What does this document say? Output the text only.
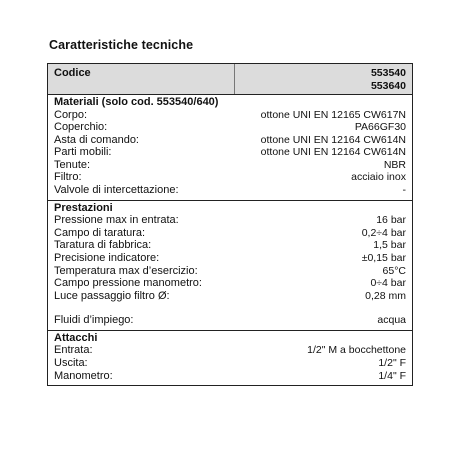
Caratteristiche tecniche
Codice	553540
553640
Materiali (solo cod. 553540/640)
Corpo:	ottone UNI EN 12165 CW617N
Coperchio:	PA66GF30
Asta di comando:	ottone UNI EN 12164 CW614N
Parti mobili:	ottone UNI EN 12164 CW614N
Tenute:	NBR
Filtro:	acciaio inox
Valvole di intercettazione:	-
Prestazioni
Pressione max in entrata:	16 bar
Campo di taratura:	0,2÷4 bar
Taratura di fabbrica:	1,5 bar
Precisione indicatore:	±0,15 bar
Temperatura max d’esercizio:	65°C
Campo pressione manometro:	0÷4 bar
Luce passaggio filtro Ø:	0,28 mm
Fluidi d’impiego:	acqua
Attacchi
Entrata:	1/2" M a bocchettone
Uscita:	1/2" F
Manometro:	1/4" F
